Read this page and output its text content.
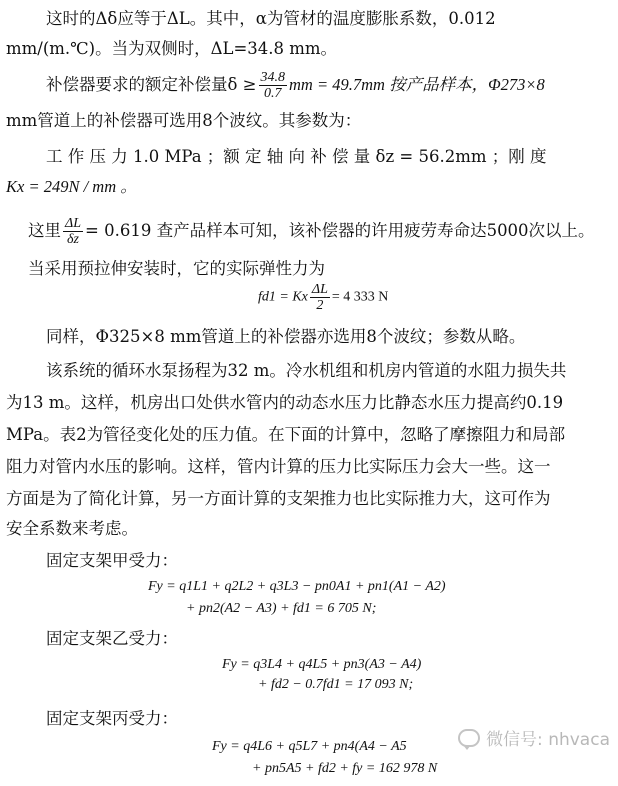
这时的Δδ应等于ΔL。其中，α为管材的温度膨胀系数，0.012
mm/(m.℃)。当为双侧时，ΔL=34.8 mm。
补偿器要求的额定补偿量$\delta \ge \frac{34.8}{0.7}$ mm = 49.7mm 按产品样本，Φ273×8
mm管道上的补偿器可选用8个波纹。其参数为：
工 作 压 力 1.0 MPa ；额 定 轴 向 补 偿 量 δz = 56.2mm ；刚 度
Kx = 249N / mm 。
这里 $\frac{\Delta L}{\delta z} = 0.619$ 查产品样本可知，该补偿器的许用疲劳寿命达5000次以上。
当采用预拉伸安装时，它的实际弹性力为
fd1 = Kx $\frac{\Delta L}{2} = 4$ 333 N
同样，Φ325×8 mm管道上的补偿器亦选用8个波纹；参数从略。
该系统的循环水泵扬程为32 m。冷水机组和机房内管道的水阻力损失共
为13 m。这样，机房出口处供水管内的动态水压力比静态水压力提高约0.19
MPa。表2为管径变化处的压力值。在下面的计算中，忽略了摩擦阻力和局部
阻力对管内水压的影响。这样，管内计算的压力比实际压力会大一些。这一
方面是为了简化计算，另一方面计算的支架推力也比实际推力大，这可作为
安全系数来考虑。
固定支架甲受力：
Fy = q1L1 + q2L2 + q3L3 − pn0A1 + pn1(A1 − A2)
+ pn2(A2 − A3) + fd1 = 6 705 N;
固定支架乙受力：
Fy = q3L4 + q4L5 + pn3(A3 − A4)
+ fd2 − 0.7fd1 = 17 093 N;
固定支架丙受力：
Fy = q4L6 + q5L7 + pn4(A4 − A5
+ pn5A5 + fd2 + fy = 162 978 N
微信号: nhvaca
